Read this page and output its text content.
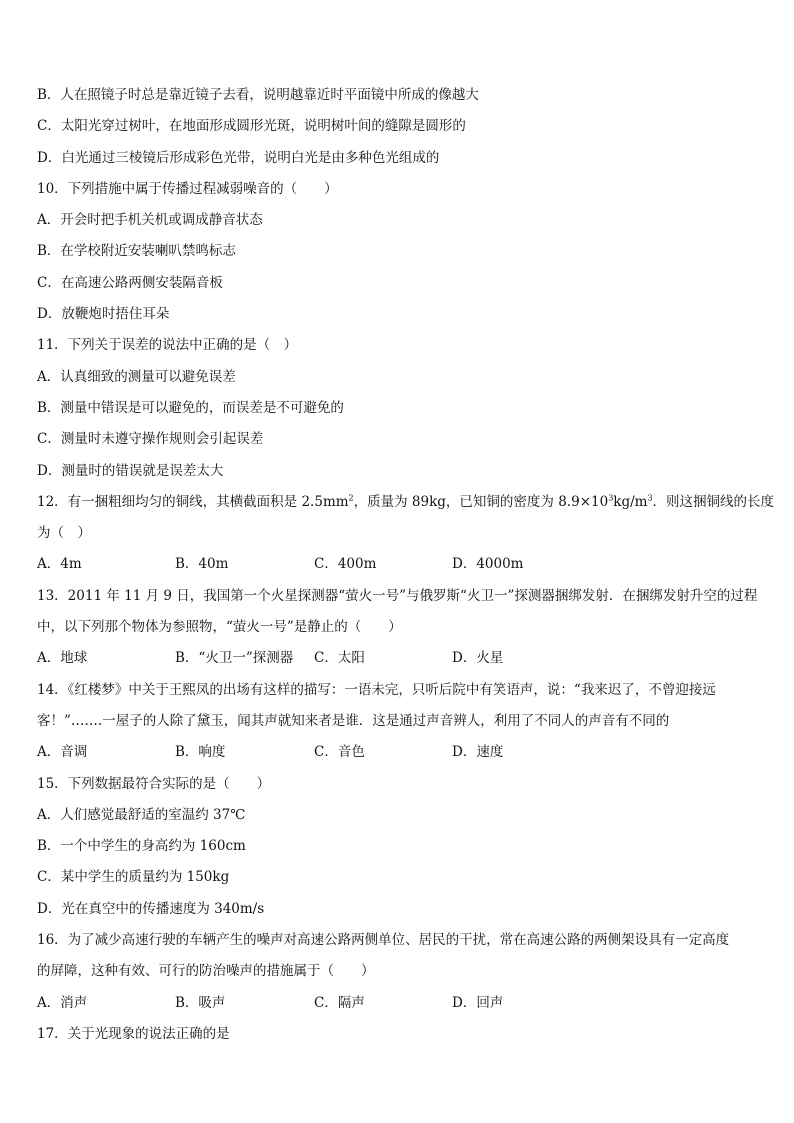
B．人在照镜子时总是靠近镜子去看，说明越靠近时平面镜中所成的像越大
C．太阳光穿过树叶，在地面形成圆形光斑，说明树叶间的缝隙是圆形的
D．白光通过三棱镜后形成彩色光带，说明白光是由多种色光组成的
10．下列措施中属于传播过程减弱噪音的（　　）
A．开会时把手机关机或调成静音状态
B．在学校附近安装喇叭禁鸣标志
C．在高速公路两侧安装隔音板
D．放鞭炮时捂住耳朵
11．下列关于误差的说法中正确的是（　）
A．认真细致的测量可以避免误差
B．测量中错误是可以避免的，而误差是不可避免的
C．测量时未遵守操作规则会引起误差
D．测量时的错误就是误差太大
12．有一捆粗细均匀的铜线，其横截面积是 $2.5mm^2$，质量为 89kg，已知铜的密度为 $8.9\times 10^3kg/m^3$．则这捆铜线的长度
为（　）
A．4m	B．40m	C．400m	D．4000m
13．2011 年 11 月 9 日，我国第一个火星探测器“萤火一号”与俄罗斯“火卫一”探测器捆绑发射．在捆绑发射升空的过程
中，以下列那个物体为参照物，“萤火一号”是静止的（　　）
A．地球	B．“火卫一”探测器 C．太阳	D．火星
14．《红楼梦》中关于王熙凤的出场有这样的描写：一语未完，只听后院中有笑语声，说：“我来迟了，不曾迎接远
客！”…….一屋子的人除了黛玉，闻其声就知来者是谁．这是通过声音辨人，利用了不同人的声音有不同的
A．音调	B．响度	C．音色	D．速度
15．下列数据最符合实际的是（　　）
A．人们感觉最舒适的室温约 37℃
B．一个中学生的身高约为 160cm
C．某中学生的质量约为 150kg
D．光在真空中的传播速度为 340m/s
16．为了减少高速行驶的车辆产生的噪声对高速公路两侧单位、居民的干扰，常在高速公路的两侧架设具有一定高度
的屏障，这种有效、可行的防治噪声的措施属于（　　）
A．消声	B．吸声	C．隔声	D．回声
17．关于光现象的说法正确的是
